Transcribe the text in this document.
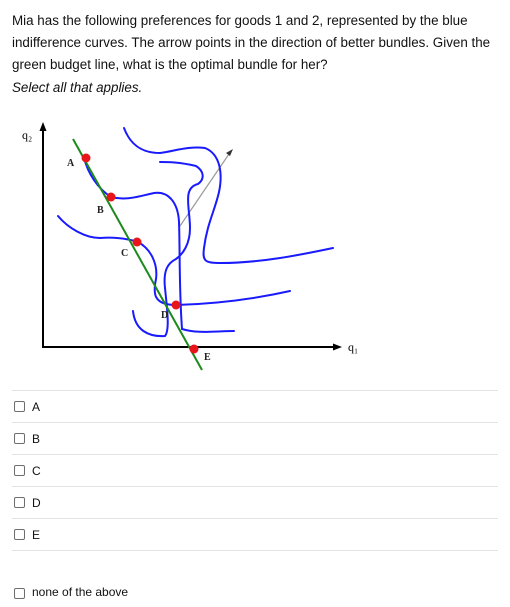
Mia has the following preferences for goods 1 and 2, represented by the blue indifference curves. The arrow points in the direction of better bundles. Given the green budget line, what is the optimal bundle for her?

Select all that applies.

q₂
q₁
A
B
C
D
E
A
B
C
D
E
none of the above
